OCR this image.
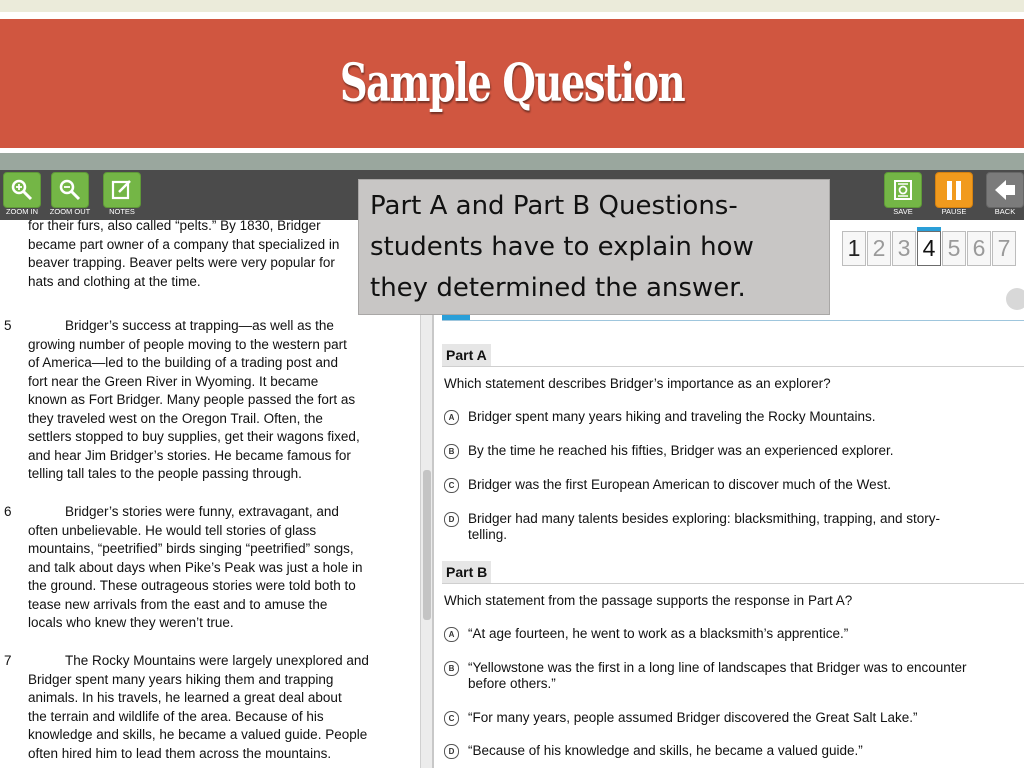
Sample Question
ZOOM IN	ZOOM OUT	NOTES	SAVE	PAUSE	BACK
for their furs, also called “pelts.” By 1830, Bridger
became part owner of a company that specialized in
beaver trapping. Beaver pelts were very popular for
hats and clothing at the time.
5	Bridger’s success at trapping—as well as the
growing number of people moving to the western part
of America—led to the building of a trading post and
fort near the Green River in Wyoming. It became
known as Fort Bridger. Many people passed the fort as
they traveled west on the Oregon Trail. Often, the
settlers stopped to buy supplies, get their wagons fixed,
and hear Jim Bridger’s stories. He became famous for
telling tall tales to the people passing through.
6	Bridger’s stories were funny, extravagant, and
often unbelievable. He would tell stories of glass
mountains, “peetrified” birds singing “peetrified” songs,
and talk about days when Pike’s Peak was just a hole in
the ground. These outrageous stories were told both to
tease new arrivals from the east and to amuse the
locals who knew they weren’t true.
7	The Rocky Mountains were largely unexplored and
Bridger spent many years hiking them and trapping
animals. In his travels, he learned a great deal about
the terrain and wildlife of the area. Because of his
knowledge and skills, he became a valued guide. People
often hired him to lead them across the mountains.
1 2 3 4 5 6 7
Part A
Which statement describes Bridger’s importance as an explorer?
A	Bridger spent many years hiking and traveling the Rocky Mountains.
B	By the time he reached his fifties, Bridger was an experienced explorer.
C	Bridger was the first European American to discover much of the West.
D	Bridger had many talents besides exploring: blacksmithing, trapping, and story-
telling.
Part B
Which statement from the passage supports the response in Part A?
A	“At age fourteen, he went to work as a blacksmith’s apprentice.”
B	“Yellowstone was the first in a long line of landscapes that Bridger was to encounter
before others.”
C	“For many years, people assumed Bridger discovered the Great Salt Lake.”
D	“Because of his knowledge and skills, he became a valued guide.”
Part A and Part B Questions-
students have to explain how
they determined the answer.
